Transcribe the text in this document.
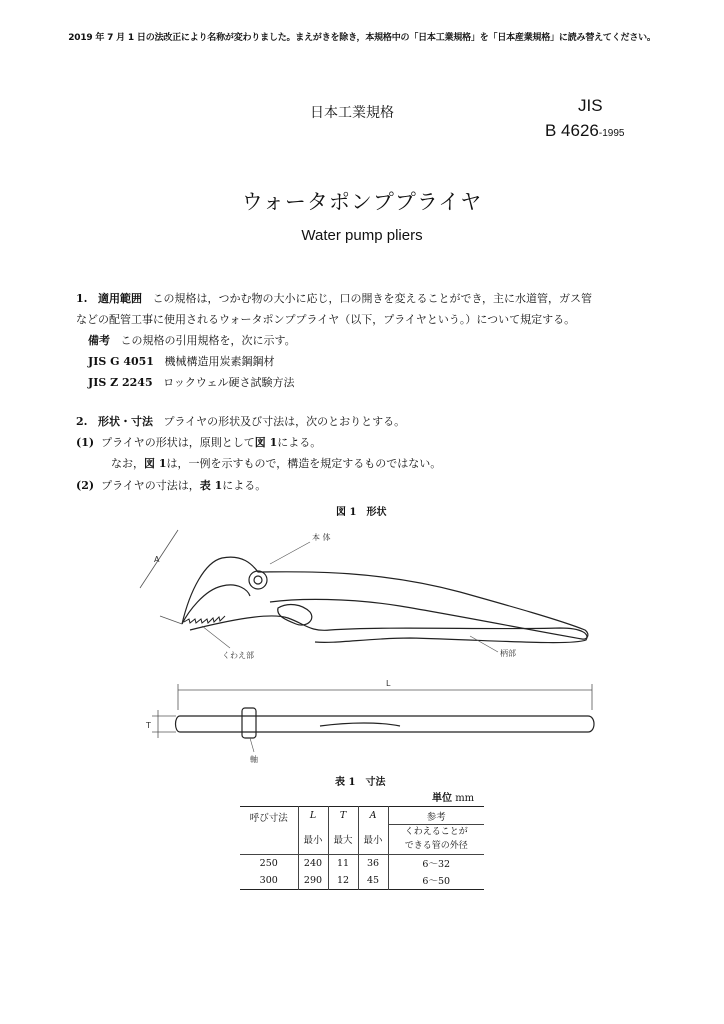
2019 年 7 月 1 日の法改正により名称が変わりました。まえがきを除き，本規格中の「日本工業規格」を「日本産業規格」に読み替えてください。
日本工業規格	JIS
B 4626-1995
ウォータポンププライヤ
Water pump pliers
1. 適用範囲 この規格は，つかむ物の大小に応じ，口の開きを変えることができ，主に水道管，ガス管
などの配管工事に使用されるウォータポンププライヤ（以下，プライヤという。）について規定する。
備考 この規格の引用規格を，次に示す。
JIS G 4051 機械構造用炭素鋼鋼材
JIS Z 2245 ロックウェル硬さ試験方法
2. 形状・寸法 プライヤの形状及び寸法は，次のとおりとする。
(1) プライヤの形状は，原則として図 1による。
なお，図 1は，一例を示すもので，構造を規定するものではない。
(2) プライヤの寸法は，表 1による。
図 1　形状
A
本 体
くわえ部	柄部
L
T
軸
表 1　寸法
単位 mm
呼び寸法	L	T	A	参考
				くわえることが
できる管の外径
	最小	最大	最小	
250	240	11	36	6〜32
300	290	12	45	6〜50
